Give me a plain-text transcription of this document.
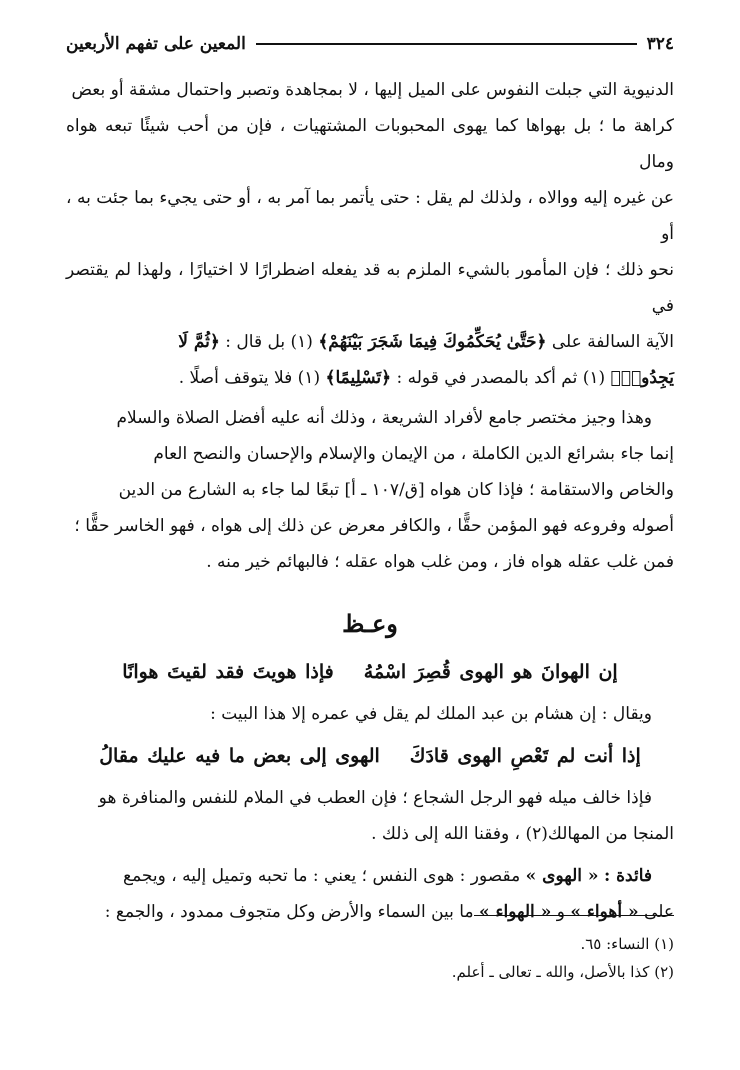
٣٢٤
المعين على تفهم الأربعين

الدنيوية التي جبلت النفوس على الميل إليها ، لا بمجاهدة وتصبر واحتمال مشقة أو بعض
كراهة ما ؛ بل بهواها كما يهوى المحبوبات المشتهيات ، فإن من أحب شيئًا تبعه هواه ومال
عن غيره إليه ووالاه ، ولذلك لم يقل : حتى يأتمر بما آمر به ، أو حتى يجيء بما جئت به ، أو
نحو ذلك ؛ فإن المأمور بالشيء الملزم به قد يفعله اضطرارًا لا اختيارًا ، ولهذا لم يقتصر في
الآية السالفة على ﴿حَتَّىٰ يُحَكِّمُوكَ فِيمَا شَجَرَ بَيْنَهُمْ﴾ (١) بل قال : ﴿ثُمَّ لَا
يَجِدُوا۟﴾ (١) ثم أكد بالمصدر في قوله : ﴿تَسْلِيمًا﴾ (١) فلا يتوقف أصلًا .

وهذا وجيز مختصر جامع لأفراد الشريعة ، وذلك أنه عليه أفضل الصلاة والسلام
إنما جاء بشرائع الدين الكاملة ، من الإيمان والإسلام والإحسان والنصح العام
والخاص والاستقامة ؛ فإذا كان هواه [ق/١٠٧ ـ أ] تبعًا لما جاء به الشارع من الدين
أصوله وفروعه فهو المؤمن حقًّا ، والكافر معرض عن ذلك إلى هواه ، فهو الخاسر حقًّا ؛
فمن غلب عقله هواه فاز ، ومن غلب هواه عقله ؛ فالبهائم خير منه .

وعـظ
إن الهوانَ هو الهوى قُصِرَ اسْمُهُفإذا هويتَ فقد لقيتَ هوانًا

ويقال : إن هشام بن عبد الملك لم يقل في عمره إلا هذا البيت :

إذا أنت لم تَعْصِ الهوى قادَكَالهوى إلى بعض ما فيه عليك مقالُ

فإذا خالف ميله فهو الرجل الشجاع ؛ فإن العطب في الملام للنفس والمنافرة هو
المنجا من المهالك(٢) ، وفقنا الله إلى ذلك .

فائدة : « الهوى » مقصور : هوى النفس ؛ يعني : ما تحبه وتميل إليه ، ويجمع
على « أهواء » و « الهواء » ما بين السماء والأرض وكل متجوف ممدود ، والجمع :

(١) النساء: ٦٥.
(٢) كذا بالأصل، والله ـ تعالى ـ أعلم.
